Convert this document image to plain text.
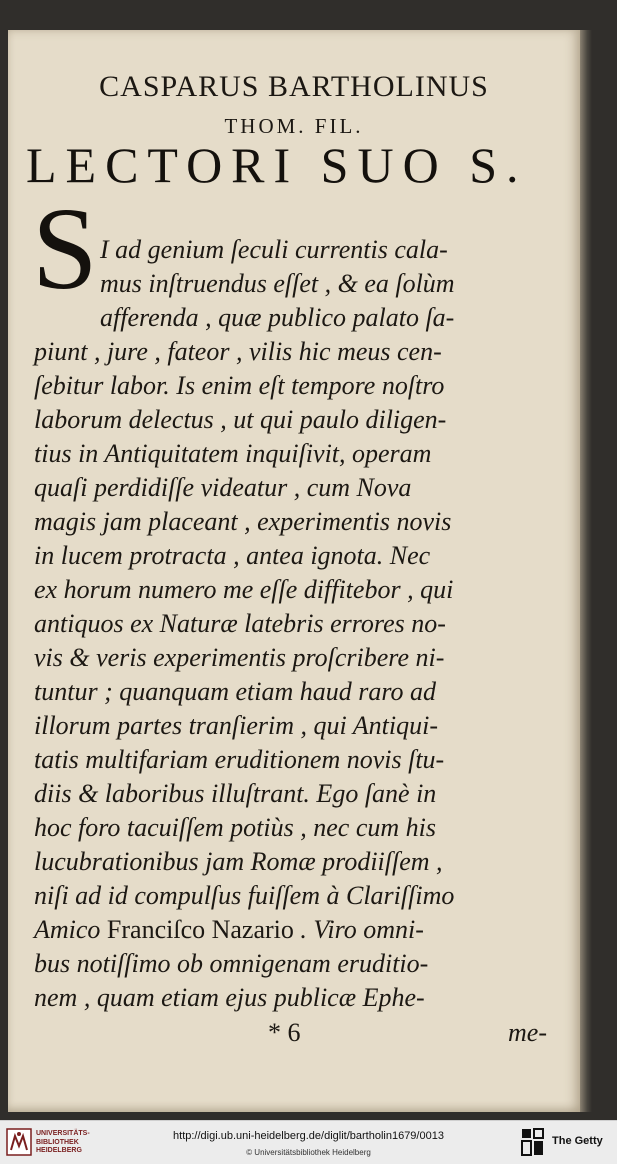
CASPARUS BARTHOLINUS
THOM. FIL.
LECTORI SUO S.
S I ad genium ſeculi currentis cala-
mus inſtruendus eſſet , & ea ſolùm
afferenda , quæ publico palato ſa-
piunt , jure , fateor , vilis hic meus cen-
ſebitur labor. Is enim eſt tempore noſtro
laborum delectus , ut qui paulo diligen-
tius in Antiquitatem inquiſivit, operam
quaſi perdidiſſe videatur , cum Nova
magis jam placeant , experimentis novis
in lucem protracta , antea ignota. Nec
ex horum numero me eſſe diffitebor , qui
antiquos ex Naturæ latebris errores no-
vis & veris experimentis proſcribere ni-
tuntur ; quanquam etiam haud raro ad
illorum partes tranſierim , qui Antiqui-
tatis multifariam eruditionem novis ſtu-
diis & laboribus illuſtrant. Ego ſanè in
hoc foro tacuiſſem potiùs , nec cum his
lucubrationibus jam Romæ prodiiſſem ,
niſi ad id compulſus fuiſſem à Clariſſimo
Amico Franciſco Nazario . Viro omni-
bus notiſſimo ob omnigenam eruditio-
nem , quam etiam ejus publicæ Ephe-
* 6	me-
UNIVERSITÄTS-
BIBLIOTHEK
HEIDELBERG
http://digi.ub.uni-heidelberg.de/diglit/bartholin1679/0013
© Universitätsbibliothek Heidelberg
The Getty
